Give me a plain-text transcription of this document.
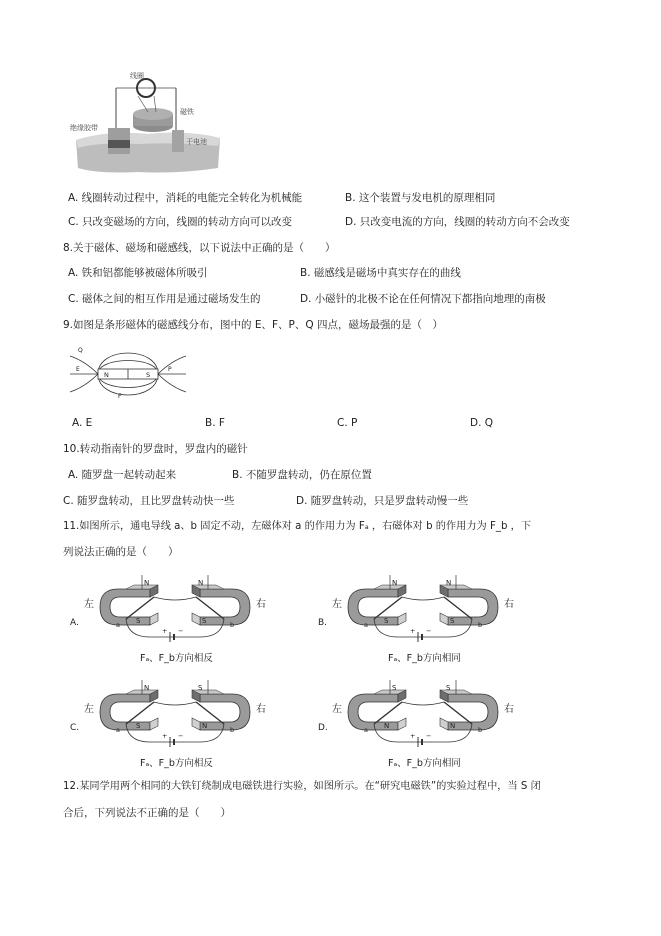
线圈
磁铁
绝缘胶带
干电池
A. 线圈转动过程中，消耗的电能完全转化为机械能	B. 这个装置与发电机的原理相同
C. 只改变磁场的方向，线圈的转动方向可以改变	D. 只改变电流的方向，线圈的转动方向不会改变
8.关于磁体、磁场和磁感线，以下说法中正确的是（　　）
A. 铁和铝都能够被磁体所吸引	B. 磁感线是磁场中真实存在的曲线
C. 磁体之间的相互作用是通过磁场发生的	D. 小磁针的北极不论在任何情况下都指向地理的南极
9.如图是条形磁体的磁感线分布，图中的 E、F、P、Q 四点，磁场最强的是（　）
N	S
Q
E	P
F
A. E	B. F	C. P	D. Q
10.转动指南针的罗盘时，罗盘内的磁针
A. 随罗盘一起转动起来	B. 不随罗盘转动，仍在原位置
C. 随罗盘转动，且比罗盘转动快一些	D. 随罗盘转动，只是罗盘转动慢一些
11.如图所示，通电导线 a、b 固定不动，左磁体对 a 的作用力为 Fₐ ，右磁体对 b 的作用力为 F_b ，下
列说法正确的是（　　）
A.
左	右
N	N
S	S
a	b
+ −
Fₐ、F_b方向相反
B.
左	右
N	N
S	S
a	b
+ −
Fₐ、F_b方向相同
C.
左	右
N	S
S	N
a	b
+ −
Fₐ、F_b方向相反
D.
左	右
S	S
N	N
a	b
+ −
Fₐ、F_b方向相同
12.某同学用两个相同的大铁钉绕制成电磁铁进行实验，如图所示。在“研究电磁铁”的实验过程中，当 S 闭
合后，下列说法不正确的是（　　）
